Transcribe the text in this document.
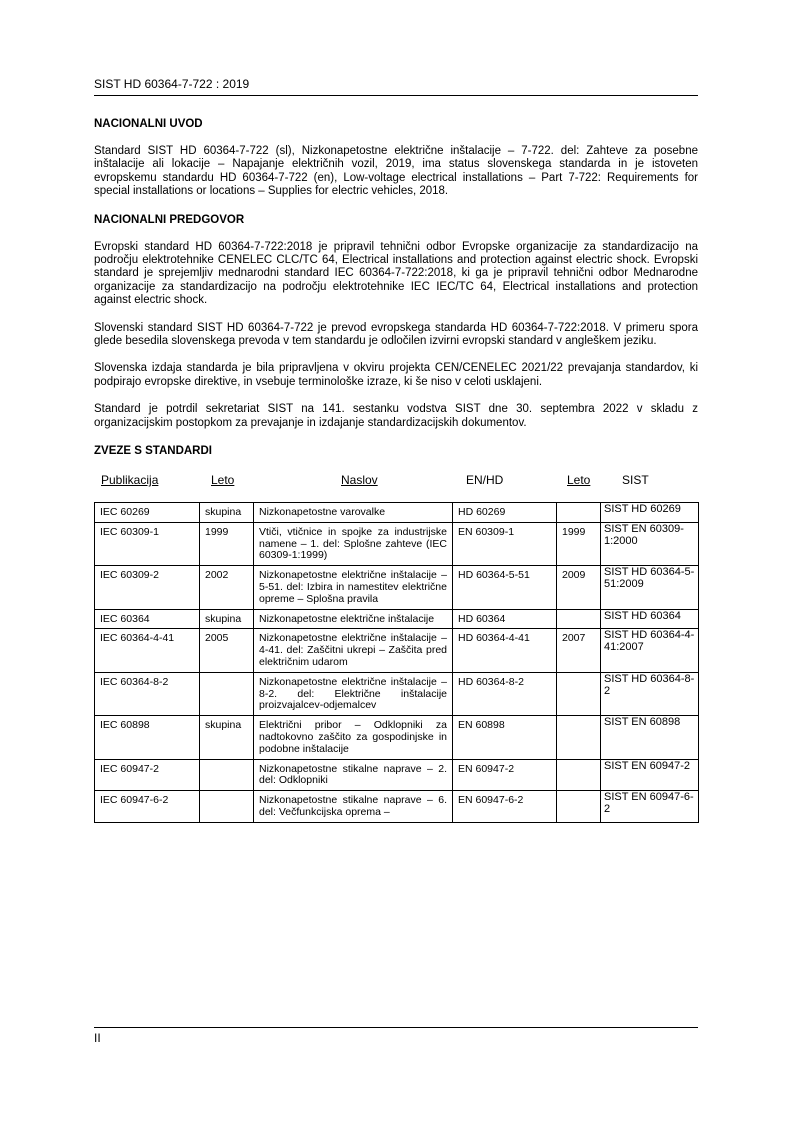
SIST HD 60364-7-722 : 2019
NACIONALNI UVOD

Standard SIST HD 60364-7-722 (sl), Nizkonapetostne električne inštalacije – 7-722. del: Zahteve za posebne inštalacije ali lokacije – Napajanje električnih vozil, 2019, ima status slovenskega standarda in je istoveten evropskemu standardu HD 60364-7-722 (en), Low-voltage electrical installations – Part 7-722: Requirements for special installations or locations – Supplies for electric vehicles, 2018.

NACIONALNI PREDGOVOR

Evropski standard HD 60364-7-722:2018 je pripravil tehnični odbor Evropske organizacije za standardizacijo na področju elektrotehnike CENELEC CLC/TC 64, Electrical installations and protection against electric shock. Evropski standard je sprejemljiv mednarodni standard IEC 60364-7-722:2018, ki ga je pripravil tehnični odbor Mednarodne organizacije za standardizacijo na področju elektrotehnike IEC IEC/TC 64, Electrical installations and protection against electric shock.

Slovenski standard SIST HD 60364-7-722 je prevod evropskega standarda HD 60364-7-722:2018. V primeru spora glede besedila slovenskega prevoda v tem standardu je odločilen izvirni evropski standard v angleškem jeziku.

Slovenska izdaja standarda je bila pripravljena v okviru projekta CEN/CENELEC 2021/22 prevajanja standardov, ki podpirajo evropske direktive, in vsebuje terminološke izraze, ki še niso v celoti usklajeni.

Standard je potrdil sekretariat SIST na 141. sestanku vodstva SIST dne 30. septembra 2022 v skladu z organizacijskim postopkom za prevajanje in izdajanje standardizacijskih dokumentov.

ZVEZE S STANDARDI
Publikacija	Leto	Naslov	EN/HD	Leto	SIST
IEC 60269	skupina	Nizkonapetostne varovalke	HD 60269		SIST HD 60269
IEC 60309-1	1999	Vtiči, vtičnice in spojke za industrijske namene – 1. del: Splošne zahteve (IEC 60309-1:1999)	EN 60309-1	1999	SIST EN 60309-1:2000
IEC 60309-2	2002	Nizkonapetostne električne inštalacije – 5-51. del: Izbira in namestitev električne opreme – Splošna pravila	HD 60364-5-51	2009	SIST HD 60364-5-51:2009
IEC 60364	skupina	Nizkonapetostne električne inštalacije	HD 60364		SIST HD 60364
IEC 60364-4-41	2005	Nizkonapetostne električne inštalacije – 4-41. del: Zaščitni ukrepi – Zaščita pred električnim udarom	HD 60364-4-41	2007	SIST HD 60364-4-41:2007
IEC 60364-8-2		Nizkonapetostne električne inštalacije – 8-2. del: Električne inštalacije proizvajalcev-odjemalcev	HD 60364-8-2		SIST HD 60364-8-2
IEC 60898	skupina	Električni pribor – Odklopniki za nadtokovno zaščito za gospodinjske in podobne inštalacije	EN 60898		SIST EN 60898
IEC 60947-2		Nizkonapetostne stikalne naprave – 2. del: Odklopniki	EN 60947-2		SIST EN 60947-2
IEC 60947-6-2		Nizkonapetostne stikalne naprave – 6. del: Večfunkcijska oprema –	EN 60947-6-2		SIST EN 60947-6-2
II
